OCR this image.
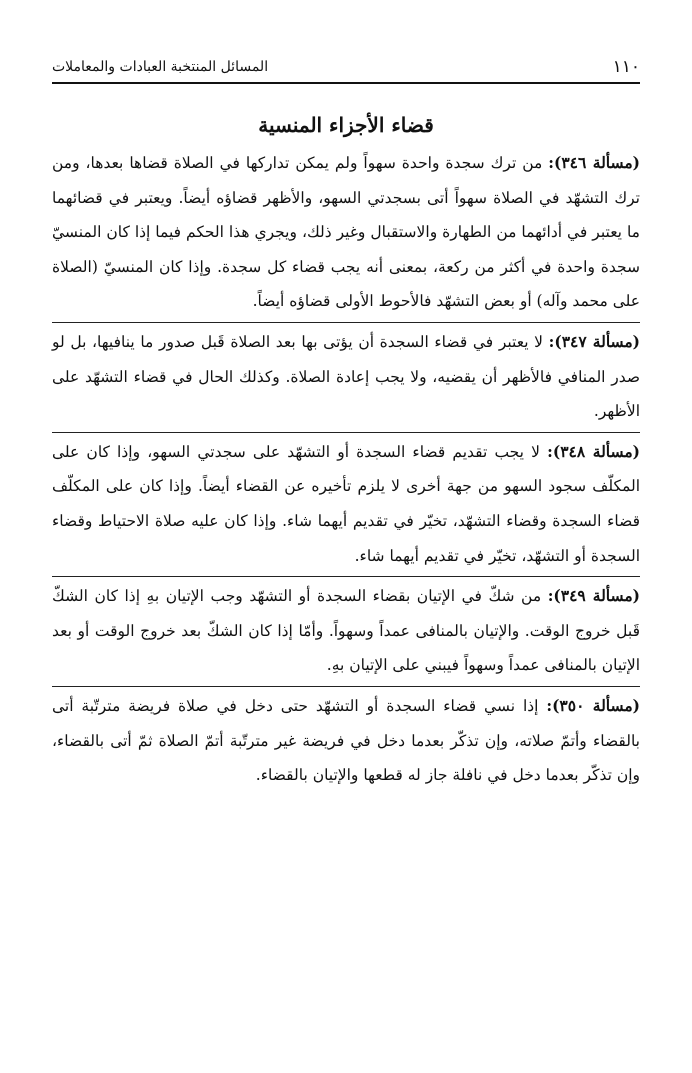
١١٠
المسائل المنتخبة العبادات والمعاملات
قضاء الأجزاء المنسية

(مسألة ٣٤٦): من ترك سجدة واحدة سهواً ولم يمكن تداركها في الصلاة قضاها بعدها، ومن ترك التشهّد في الصلاة سهواً أتى بسجدتي السهو، والأظهر قضاؤه أيضاً. ويعتبر في قضائهما ما يعتبر في أدائهما من الطهارة والاستقبال وغير ذلك، ويجري هذا الحكم فيما إذا كان المنسيّ سجدة واحدة في أكثر من ركعة، بمعنى أنه يجب قضاء كل سجدة. وإذا كان المنسيّ (الصلاة على محمد وآله) أو بعض التشهّد فالأحوط الأولى قضاؤه أيضاً.

(مسألة ٣٤٧): لا يعتبر في قضاء السجدة أن يؤتى بها بعد الصلاة قَبل صدور ما ينافيها، بل لو صدر المنافي فالأظهر أن يقضيه، ولا يجب إعادة الصلاة. وكذلك الحال في قضاء التشهّد على الأظهر.

(مسألة ٣٤٨): لا يجب تقديم قضاء السجدة أو التشهّد على سجدتي السهو، وإذا كان على المكلّف سجود السهو من جهة أخرى لا يلزم تأخيره عن القضاء أيضاً. وإذا كان على المكلّف قضاء السجدة وقضاء التشهّد، تخيّر في تقديم أيهما شاء. وإذا كان عليه صلاة الاحتياط وقضاء السجدة أو التشهّد، تخيّر في تقديم أيهما شاء.

(مسألة ٣٤٩): من شكّ في الإتيان بقضاء السجدة أو التشهّد وجب الإتيان بهِ إذا كان الشكّ قَبل خروج الوقت. والإتيان بالمنافى عمداً وسهواً. وأمّا إذا كان الشكّ بعد خروج الوقت أو بعد الإتيان بالمنافى عمداً وسهواً فيبني على الإتيان بهِ.

(مسألة ٣٥٠): إذا نسي قضاء السجدة أو التشهّد حتى دخل في صلاة فريضة مترتّبة أتى بالقضاء وأتمّ صلاته، وإن تذكّر بعدما دخل في فريضة غير مترتّبة أتمّ الصلاة ثمّ أتى بالقضاء، وإن تذكّر بعدما دخل في نافلة جاز له قطعها والإتيان بالقضاء.
